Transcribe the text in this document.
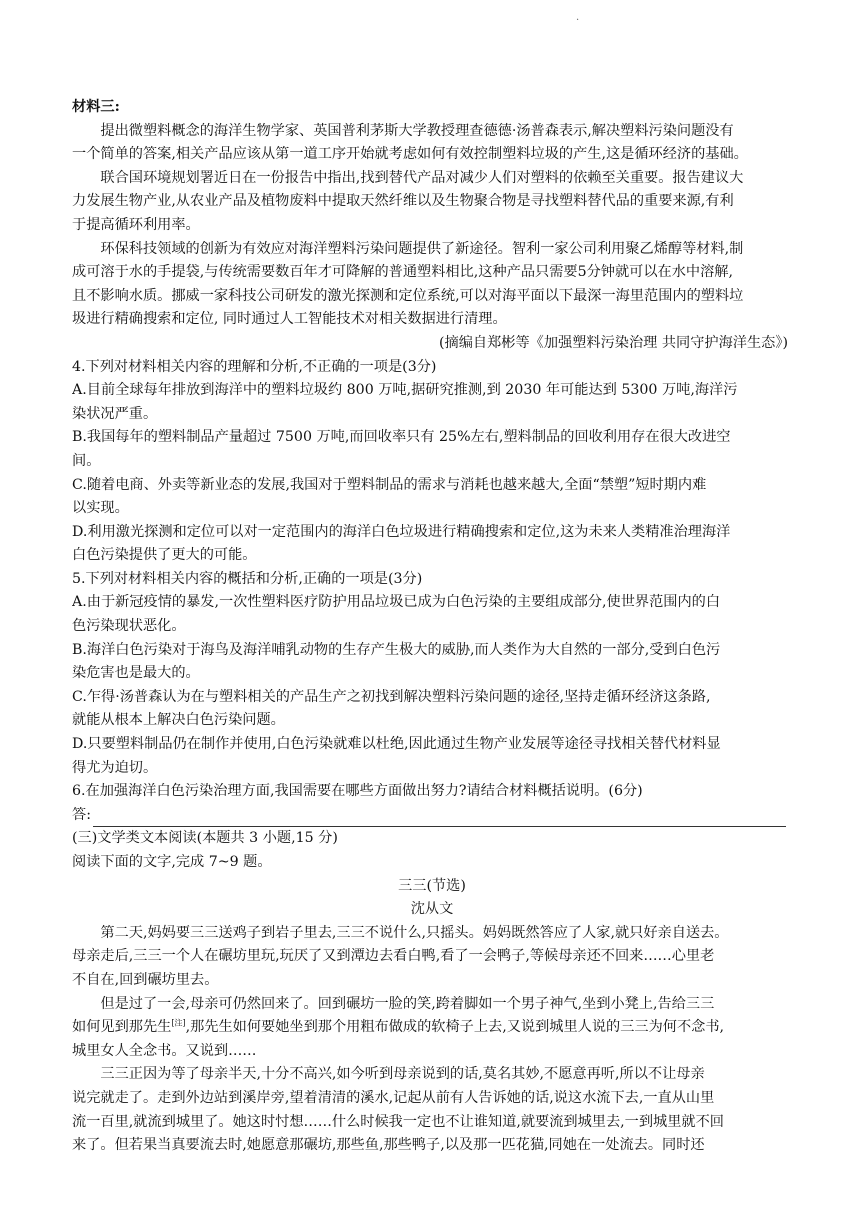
.
材料三:
提出微塑料概念的海洋生物学家、英国普利茅斯大学教授理查德德·汤普森表示,解决塑料污染问题没有
一个简单的答案,相关产品应该从第一道工序开始就考虑如何有效控制塑料垃圾的产生,这是循环经济的基础。
联合国环境规划署近日在一份报告中指出,找到替代产品对减少人们对塑料的依赖至关重要。报告建议大
力发展生物产业,从农业产品及植物废料中提取天然纤维以及生物聚合物是寻找塑料替代品的重要来源,有利
于提高循环利用率。
环保科技领域的创新为有效应对海洋塑料污染问题提供了新途径。智利一家公司利用聚乙烯醇等材料,制
成可溶于水的手提袋,与传统需要数百年才可降解的普通塑料相比,这种产品只需要5分钟就可以在水中溶解,
且不影响水质。挪威一家科技公司研发的激光探测和定位系统,可以对海平面以下最深一海里范围内的塑料垃
圾进行精确搜索和定位, 同时通过人工智能技术对相关数据进行清理。
(摘编自郑彬等《加强塑料污染治理 共同守护海洋生态》)
4.下列对材料相关内容的理解和分析,不正确的一项是(3分)
A.目前全球每年排放到海洋中的塑料垃圾约 800 万吨,据研究推测,到 2030 年可能达到 5300 万吨,海洋污
染状况严重。
B.我国每年的塑料制品产量超过 7500 万吨,而回收率只有 25%左右,塑料制品的回收利用存在很大改进空
间。
C.随着电商、外卖等新业态的发展,我国对于塑料制品的需求与消耗也越来越大,全面“禁塑”短时期内难
以实现。
D.利用激光探测和定位可以对一定范围内的海洋白色垃圾进行精确搜索和定位,这为未来人类精准治理海洋
白色污染提供了更大的可能。
5.下列对材料相关内容的概括和分析,正确的一项是(3分)
A.由于新冠疫情的暴发,一次性塑料医疗防护用品垃圾已成为白色污染的主要组成部分,使世界范围内的白
色污染现状恶化。
B.海洋白色污染对于海鸟及海洋哺乳动物的生存产生极大的威胁,而人类作为大自然的一部分,受到白色污
染危害也是最大的。
C.乍得·汤普森认为在与塑料相关的产品生产之初找到解决塑料污染问题的途径,坚持走循环经济这条路,
就能从根本上解决白色污染问题。
D.只要塑料制品仍在制作并使用,白色污染就难以杜绝,因此通过生物产业发展等途径寻找相关替代材料显
得尤为迫切。
6.在加强海洋白色污染治理方面,我国需要在哪些方面做出努力?请结合材料概括说明。(6分)
答:
(三)文学类文本阅读(本题共 3 小题,15 分)
阅读下面的文字,完成 7~9 题。
三三(节选)
沈从文
第二天,妈妈要三三送鸡子到岩子里去,三三不说什么,只摇头。妈妈既然答应了人家,就只好亲自送去。
母亲走后,三三一个人在碾坊里玩,玩厌了又到潭边去看白鸭,看了一会鸭子,等候母亲还不回来……心里老
不自在,回到碾坊里去。
但是过了一会,母亲可仍然回来了。回到碾坊一脸的笑,跨着脚如一个男子神气,坐到小凳上,告给三三
如何见到那先生[注],那先生如何要她坐到那个用粗布做成的软椅子上去,又说到城里人说的三三为何不念书,
城里女人全念书。又说到……
三三正因为等了母亲半天,十分不高兴,如今听到母亲说到的话,莫名其妙,不愿意再听,所以不让母亲
说完就走了。走到外边站到溪岸旁,望着清清的溪水,记起从前有人告诉她的话,说这水流下去,一直从山里
流一百里,就流到城里了。她这时忖想……什么时候我一定也不让谁知道,就要流到城里去,一到城里就不回
来了。但若果当真要流去时,她愿意那碾坊,那些鱼,那些鸭子,以及那一匹花猫,同她在一处流去。同时还
